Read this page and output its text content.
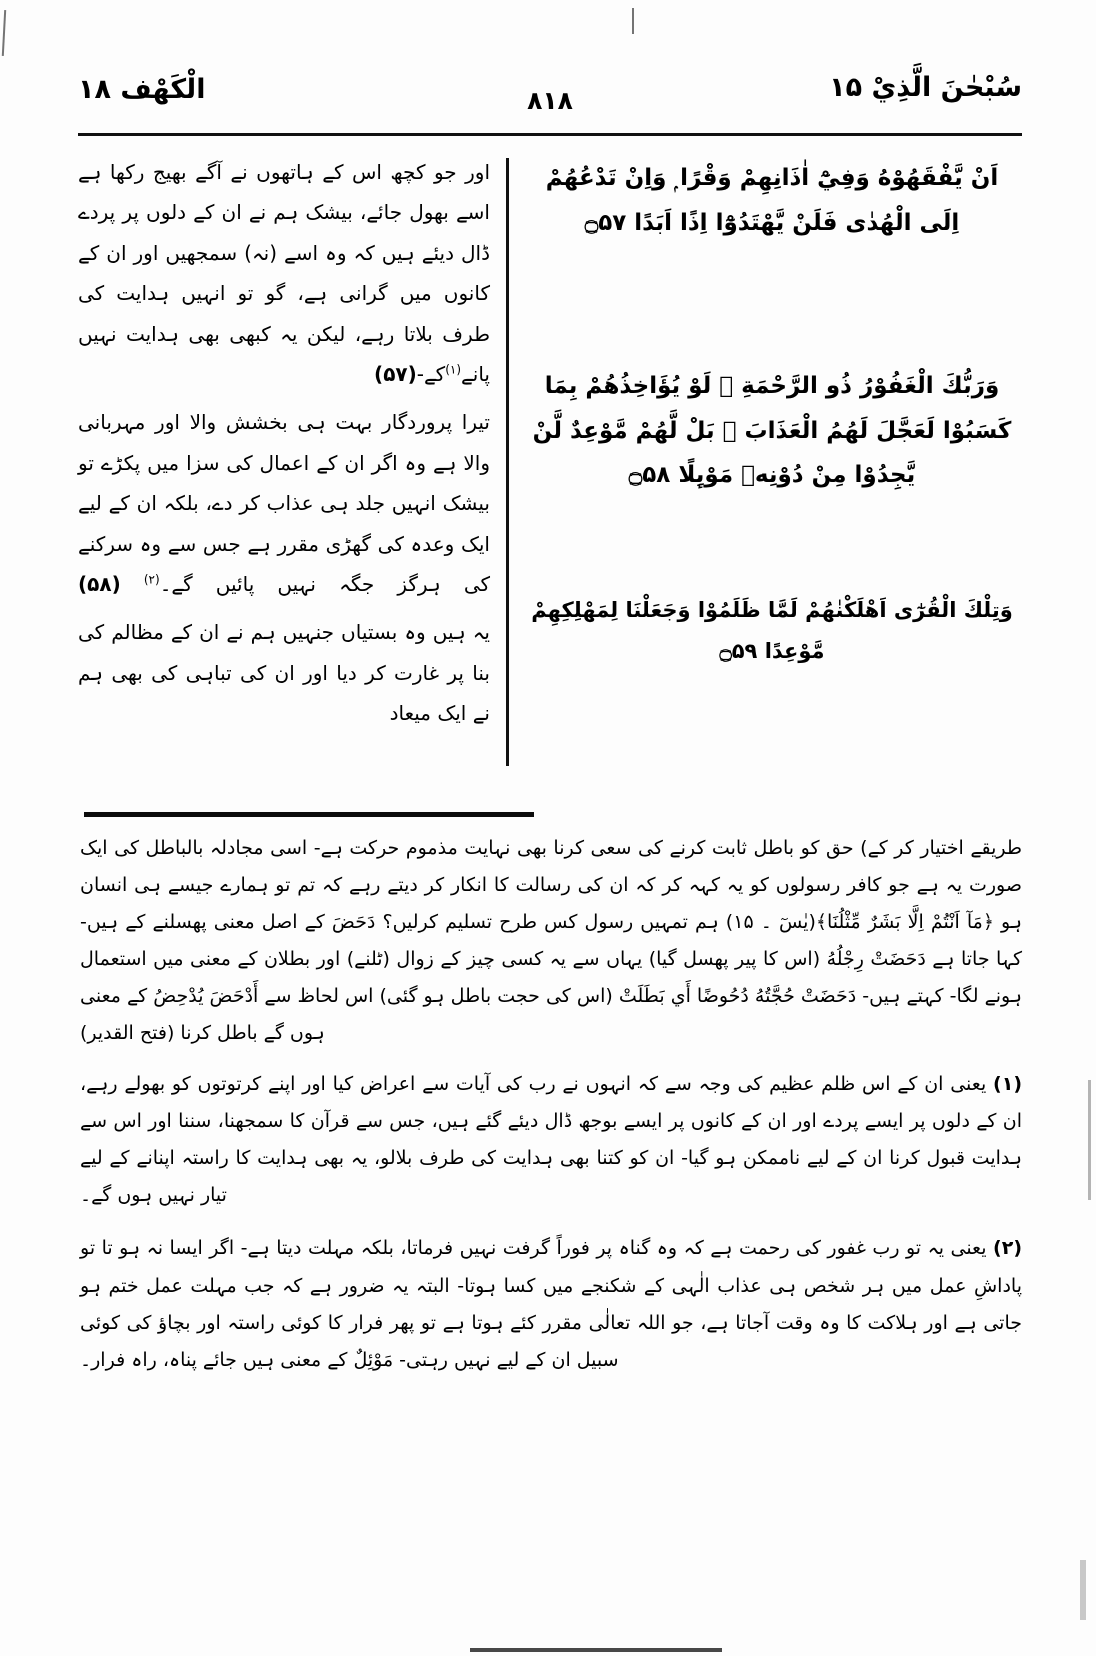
سُبْحٰنَ الَّذِيْ ۱۵
۸۱۸
الْكَهْف ۱۸
اَنْ يَّفْقَهُوْهُ وَفِيْٓ اٰذَانِهِمْ وَقْرًا ۭ وَاِنْ تَدْعُهُمْ اِلَى الْهُدٰى فَلَنْ يَّهْتَدُوْٓا اِذًا اَبَدًا ۝۵۷
وَرَبُّكَ الْغَفُوْرُ ذُو الرَّحْمَةِ ۭ لَوْ يُؤَاخِذُهُمْ بِمَا كَسَبُوْا لَعَجَّلَ لَهُمُ الْعَذَابَ ۭ بَلْ لَّهُمْ مَّوْعِدٌ لَّنْ يَّجِدُوْا مِنْ دُوْنِهٖ مَوْىِٕلًا ۝۵۸
وَتِلْكَ الْقُرٰٓى اَهْلَكْنٰهُمْ لَمَّا ظَلَمُوْا وَجَعَلْنَا لِمَهْلِكِهِمْ مَّوْعِدًا ۝۵۹
اور جو کچھ اس کے ہاتھوں نے آگے بھیج رکھا ہے اسے بھول جائے، بیشک ہم نے ان کے دلوں پر پردے ڈال دیئے ہیں کہ وہ اسے (نہ) سمجھیں اور ان کے کانوں میں گرانی ہے، گو تو انہیں ہدایت کی طرف بلاتا رہے، لیکن یہ کبھی بھی ہدایت نہیں پانے$^{(۱)}$کے-(۵۷)
تیرا پروردگار بہت ہی بخشش والا اور مہربانی والا ہے وہ اگر ان کے اعمال کی سزا میں پکڑے تو بیشک انہیں جلد ہی عذاب کر دے، بلکہ ان کے لیے ایک وعدہ کی گھڑی مقرر ہے جس سے وہ سرکنے کی ہرگز جگہ نہیں پائیں گے۔$^{(۲)}$ (۵۸)
یہ ہیں وہ بستیاں جنہیں ہم نے ان کے مظالم کی بنا پر غارت کر دیا اور ان کی تباہی کی بھی ہم نے ایک میعاد

طریقے اختیار کر کے) حق کو باطل ثابت کرنے کی سعی کرنا بھی نہایت مذموم حرکت ہے- اسی مجادلہ بالباطل کی ایک صورت یہ ہے جو کافر رسولوں کو یہ کہہ کر کہ ان کی رسالت کا انکار کر دیتے رہے کہ تم تو ہمارے جیسے ہی انسان ہو ﴿مَآ اَنْتُمْ اِلَّا بَشَرٌ مِّثْلُنَا﴾(یٰسٓ ۔ ۱۵) ہم تمہیں رسول کس طرح تسلیم کرلیں؟ دَحَضَ کے اصل معنی پھسلنے کے ہیں- کہا جاتا ہے دَحَضَتْ رِجْلُهُ (اس کا پیر پھسل گیا) یہاں سے یہ کسی چیز کے زوال (ٹلنے) اور بطلان کے معنی میں استعمال ہونے لگا- کہتے ہیں- دَحَضَتْ حُجَّتُهُ دُحُوضًا أَي بَطَلَتْ (اس کی حجت باطل ہو گئی) اس لحاظ سے أَدْحَضَ يُدْحِضُ کے معنی ہوں گے باطل کرنا (فتح القدیر)

(۱) یعنی ان کے اس ظلم عظیم کی وجہ سے کہ انہوں نے رب کی آیات سے اعراض کیا اور اپنے کرتوتوں کو بھولے رہے، ان کے دلوں پر ایسے پردے اور ان کے کانوں پر ایسے بوجھ ڈال دیئے گئے ہیں، جس سے قرآن کا سمجھنا، سننا اور اس سے ہدایت قبول کرنا ان کے لیے ناممکن ہو گیا- ان کو کتنا بھی ہدایت کی طرف بلالو، یہ بھی ہدایت کا راستہ اپنانے کے لیے تیار نہیں ہوں گے۔

(۲) یعنی یہ تو رب غفور کی رحمت ہے کہ وہ گناہ پر فوراً گرفت نہیں فرماتا، بلکہ مہلت دیتا ہے- اگر ایسا نہ ہو تا تو پاداشِ عمل میں ہر شخص ہی عذاب الٰہی کے شکنجے میں کسا ہوتا- البتہ یہ ضرور ہے کہ جب مہلت عمل ختم ہو جاتی ہے اور ہلاکت کا وہ وقت آجاتا ہے، جو اللہ تعالٰی مقرر کئے ہوتا ہے تو پھر فرار کا کوئی راستہ اور بچاؤ کی کوئی سبیل ان کے لیے نہیں رہتی- مَوْئِلٌ کے معنی ہیں جائے پناہ، راہ فرار۔
